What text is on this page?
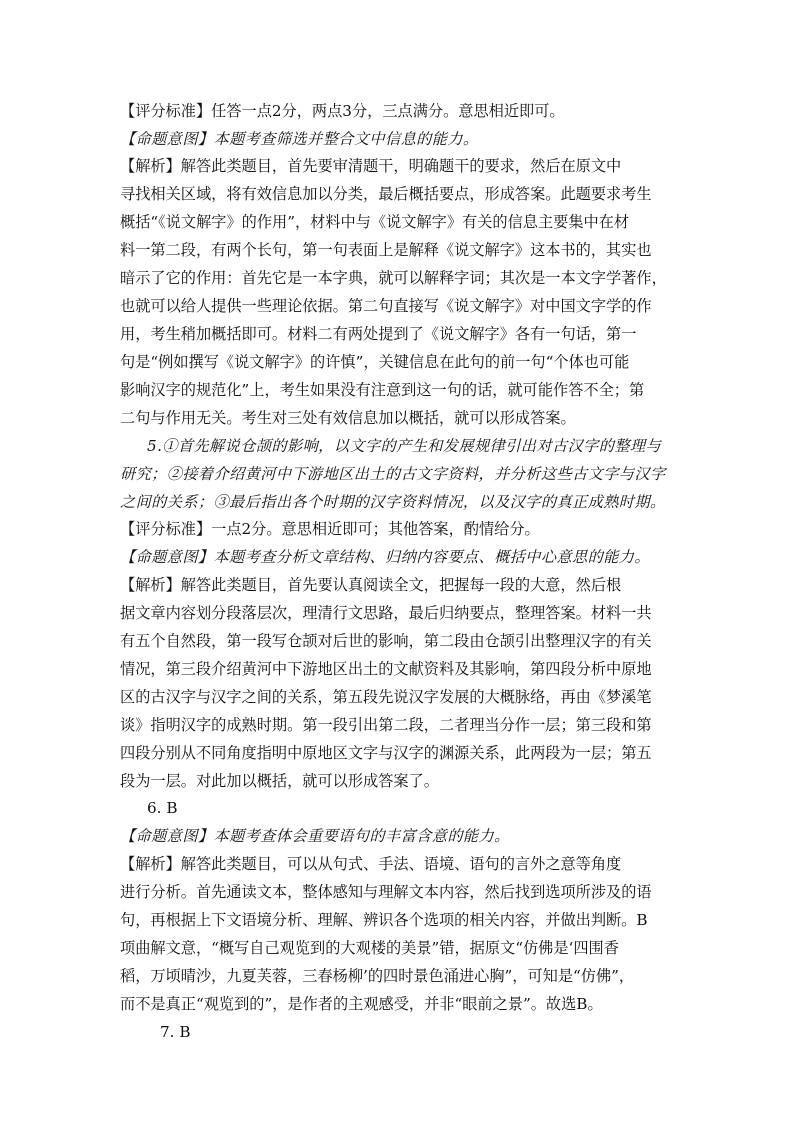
【评分标准】任答一点2分，两点3分，三点满分。意思相近即可。
【命题意图】本题考查筛选并整合文中信息的能力。
【解析】解答此类题目，首先要审清题干，明确题干的要求，然后在原文中
寻找相关区域，将有效信息加以分类，最后概括要点，形成答案。此题要求考生
概括“《说文解字》的作用”，材料中与《说文解字》有关的信息主要集中在材
料一第二段，有两个长句，第一句表面上是解释《说文解字》这本书的，其实也
暗示了它的作用：首先它是一本字典，就可以解释字词；其次是一本文字学著作，
也就可以给人提供一些理论依据。第二句直接写《说文解字》对中国文字学的作
用，考生稍加概括即可。材料二有两处提到了《说文解字》各有一句话，第一
句是“例如撰写《说文解字》的许慎”，关键信息在此句的前一句“个体也可能
影响汉字的规范化”上，考生如果没有注意到这一句的话，就可能作答不全；第
二句与作用无关。考生对三处有效信息加以概括，就可以形成答案。
5.①首先解说仓颉的影响，以文字的产生和发展规律引出对古汉字的整理与
研究；②接着介绍黄河中下游地区出土的古文字资料，并分析这些古文字与汉字
之间的关系；③最后指出各个时期的汉字资料情况，以及汉字的真正成熟时期。
【评分标准】一点2分。意思相近即可；其他答案，酌情给分。
【命题意图】本题考查分析文章结构、归纳内容要点、概括中心意思的能力。
【解析】解答此类题目，首先要认真阅读全文，把握每一段的大意，然后根
据文章内容划分段落层次，理清行文思路，最后归纳要点，整理答案。材料一共
有五个自然段，第一段写仓颉对后世的影响，第二段由仓颉引出整理汉字的有关
情况，第三段介绍黄河中下游地区出土的文献资料及其影响，第四段分析中原地
区的古汉字与汉字之间的关系，第五段先说汉字发展的大概脉络，再由《梦溪笔
谈》指明汉字的成熟时期。第一段引出第二段，二者理当分作一层；第三段和第
四段分别从不同角度指明中原地区文字与汉字的渊源关系，此两段为一层；第五
段为一层。对此加以概括，就可以形成答案了。
6. B
【命题意图】本题考查体会重要语句的丰富含意的能力。
【解析】解答此类题目，可以从句式、手法、语境、语句的言外之意等角度
进行分析。首先通读文本，整体感知与理解文本内容，然后找到选项所涉及的语
句，再根据上下文语境分析、理解、辨识各个选项的相关内容，并做出判断。B
项曲解文意，“概写自己观览到的大观楼的美景”错，据原文“仿佛是‘四围香
稻，万顷晴沙，九夏芙蓉，三春杨柳’的四时景色涌进心胸”，可知是“仿佛”，
而不是真正“观览到的”，是作者的主观感受，并非“眼前之景”。故选B。
7. B
